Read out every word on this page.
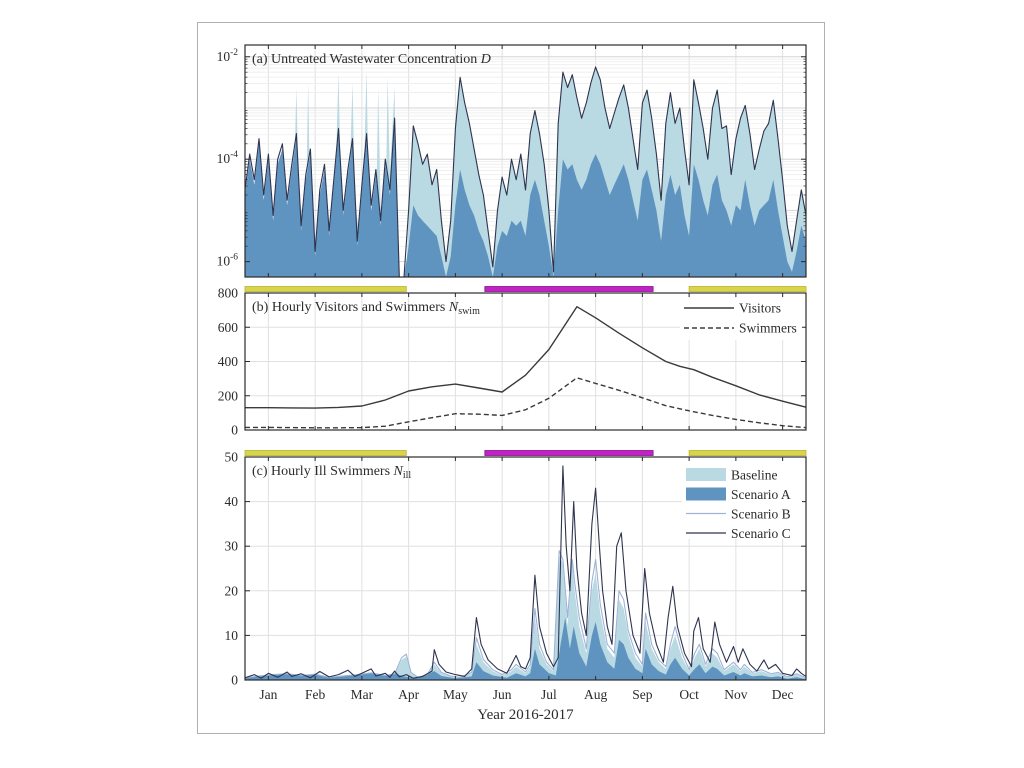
$10^{-2}$
$10^{-4}$
$10^{-6}$
(a) Untreated Wastewater Concentration D
0
200
400
600
800
(b) Hourly Visitors and Swimmers $N_{swim}$
0
10
20
30
40
50
(c) Hourly Ill Swimmers $N_{ill}$
Visitors
Swimmers
Baseline
Scenario A
Scenario B
Scenario C
Jan Feb Mar Apr May Jun Jul Aug Sep Oct Nov Dec
Year 2016-2017
